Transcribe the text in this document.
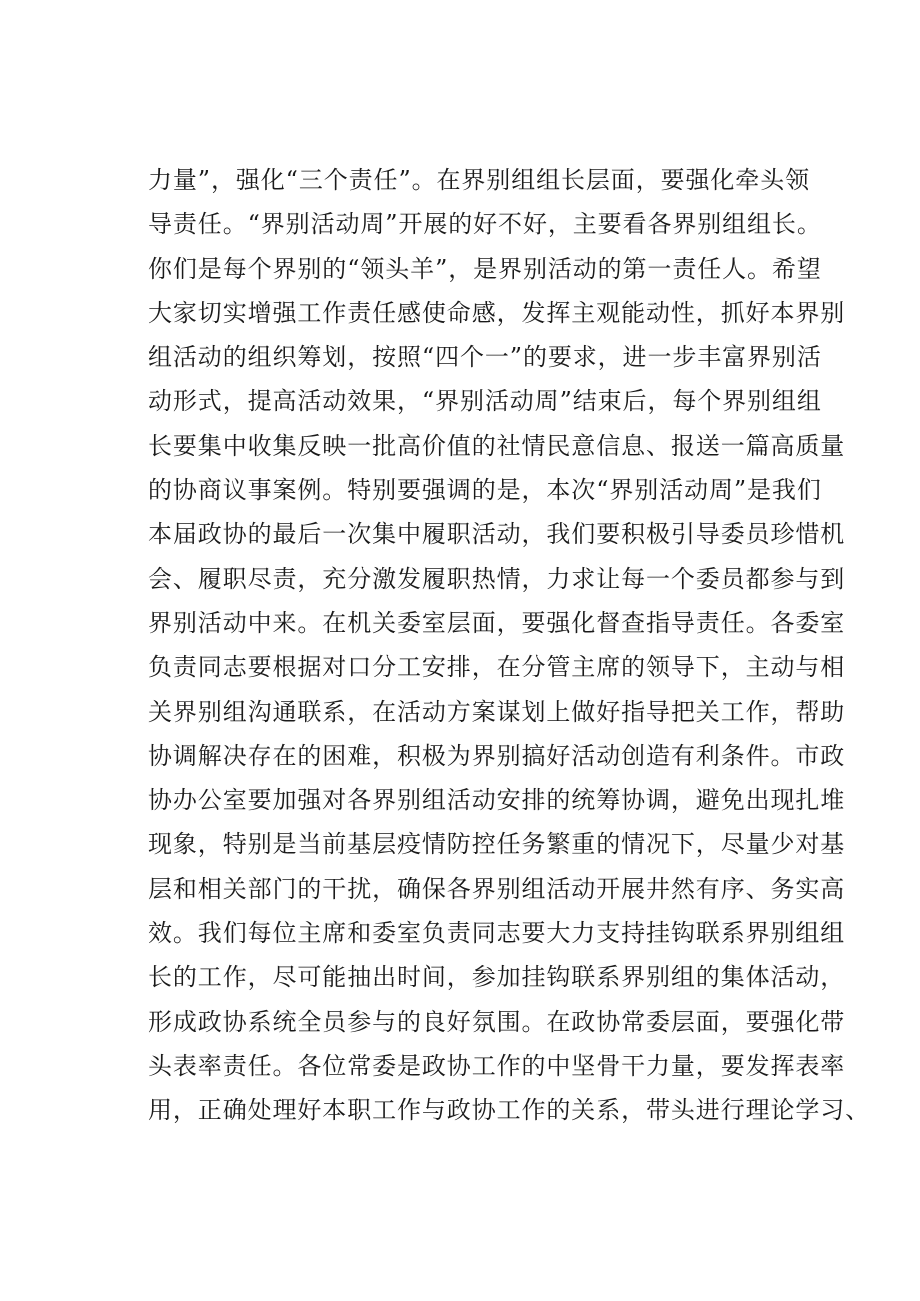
力量”，强化“三个责任”。在界别组组长层面，要强化牵头领
导责任。“界别活动周”开展的好不好，主要看各界别组组长。
你们是每个界别的“领头羊”，是界别活动的第一责任人。希望
大家切实增强工作责任感使命感，发挥主观能动性，抓好本界别
组活动的组织筹划，按照“四个一”的要求，进一步丰富界别活
动形式，提高活动效果，“界别活动周”结束后，每个界别组组
长要集中收集反映一批高价值的社情民意信息、报送一篇高质量
的协商议事案例。特别要强调的是，本次“界别活动周”是我们
本届政协的最后一次集中履职活动，我们要积极引导委员珍惜机
会、履职尽责，充分激发履职热情，力求让每一个委员都参与到
界别活动中来。在机关委室层面，要强化督查指导责任。各委室
负责同志要根据对口分工安排，在分管主席的领导下，主动与相
关界别组沟通联系，在活动方案谋划上做好指导把关工作，帮助
协调解决存在的困难，积极为界别搞好活动创造有利条件。市政
协办公室要加强对各界别组活动安排的统筹协调，避免出现扎堆
现象，特别是当前基层疫情防控任务繁重的情况下，尽量少对基
层和相关部门的干扰，确保各界别组活动开展井然有序、务实高
效。我们每位主席和委室负责同志要大力支持挂钩联系界别组组
长的工作，尽可能抽出时间，参加挂钩联系界别组的集体活动，
形成政协系统全员参与的良好氛围。在政协常委层面，要强化带
头表率责任。各位常委是政协工作的中坚骨干力量，要发挥表率
用，正确处理好本职工作与政协工作的关系，带头进行理论学习、
